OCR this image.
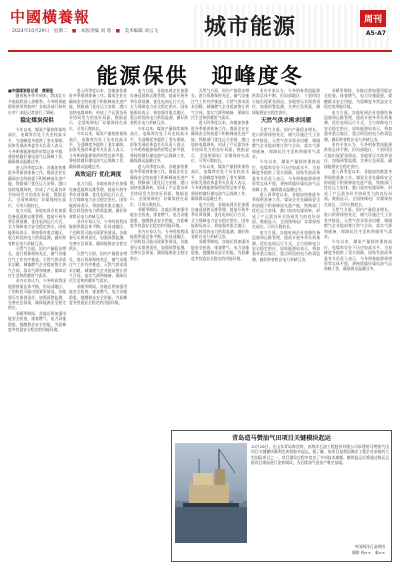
中國橫養報
2024年10月29日 星期二 ■ 本版责编 刘 寒 ■ 美术编辑 刘云飞 城市能源	周刊
A5-A7
能源保供　迎峰度冬

■中国煤炭报记者　康丽佳

随着秋冬季节到来，我国北方多地陆续进入供暖季。今冬明春能源保供形势如何？各地各部门如何应对？本报记者进行了调研。

稳定煤炭保供

今年以来，煤炭产量持续保持高位，电煤库存处于历史较高水平，为迎峰度冬提供了坚实保障。国家发展改革委有关负责人表示，今冬明春能源保供形势总体平稳，将持续做好煤电油气运保障工作，确保群众温暖过冬。

进入四季度以来，各地加快推进冬季保供准备工作。煤炭企业在确保安全的前提下积极释放先进产能，铁路部门优化运力安排，港口加快电煤周转，形成了产运需各环节协同发力的良好局面。数据显示，全国统调电厂存煤保持在高位，可用天数较长。

电力方面，各地电网企业加强设备巡视和运维管理，提前开展冬季负荷预测，优化电网运行方式，全力保障电力安全稳定供应。国家能源局表示，将加强对重点地区、重点时段的电力供需监测，做好跨省跨区电力余缺互济。

天然气方面，国内产量稳步增长，进口资源保持充足，储气设施注气工作有序推进。天然气供求需求回暖，城镇燃气企业提前签订供气合同，落实气源和储备，保障居民生活和供暖用气需求。

业内专家认为，今冬明春我国能源供需总体平衡，但局部地区、个别时段可能出现紧张情况。各地要压实保供责任，加强预警监测，完善应急预案，确保能源安全稳定供应。

采暖季期间，各地还将加强用能安全检查，排查燃气、电力设施隐患，提醒群众安全用能，为迎峰度冬营造安全稳定的用能环境。

进入四季度以来，各地加快推进冬季保供准备工作。煤炭企业在确保安全的前提下积极释放先进产能，铁路部门优化运力安排，港口加快电煤周转，形成了产运需各环节协同发力的良好局面。数据显示，全国统调电厂存煤保持在高位，可用天数较长。

今年以来，煤炭产量持续保持高位，电煤库存处于历史较高水平，为迎峰度冬提供了坚实保障。国家发展改革委有关负责人表示，今冬明春能源保供形势总体平稳，将持续做好煤电油气运保障工作，确保群众温暖过冬。

高效运行 优化调度

电力方面，各地电网企业加强设备巡视和运维管理，提前开展冬季负荷预测，优化电网运行方式，全力保障电力安全稳定供应。国家能源局表示，将加强对重点地区、重点时段的电力供需监测，做好跨省跨区电力余缺互济。

业内专家认为，今冬明春我国能源供需总体平衡，但局部地区、个别时段可能出现紧张情况。各地要压实保供责任，加强预警监测，完善应急预案，确保能源安全稳定供应。

天然气方面，国内产量稳步增长，进口资源保持充足，储气设施注气工作有序推进。天然气供求需求回暖，城镇燃气企业提前签订供气合同，落实气源和储备，保障居民生活和供暖用气需求。

采暖季期间，各地还将加强用能安全检查，排查燃气、电力设施隐患，提醒群众安全用能，为迎峰度冬营造安全稳定的用能环境。

电力方面，各地电网企业加强设备巡视和运维管理，提前开展冬季负荷预测，优化电网运行方式，全力保障电力安全稳定供应。国家能源局表示，将加强对重点地区、重点时段的电力供需监测，做好跨省跨区电力余缺互济。

今年以来，煤炭产量持续保持高位，电煤库存处于历史较高水平，为迎峰度冬提供了坚实保障。国家发展改革委有关负责人表示，今冬明春能源保供形势总体平稳，将持续做好煤电油气运保障工作，确保群众温暖过冬。

进入四季度以来，各地加快推进冬季保供准备工作。煤炭企业在确保安全的前提下积极释放先进产能，铁路部门优化运力安排，港口加快电煤周转，形成了产运需各环节协同发力的良好局面。数据显示，全国统调电厂存煤保持在高位，可用天数较长。

采暖季期间，各地还将加强用能安全检查，排查燃气、电力设施隐患，提醒群众安全用能，为迎峰度冬营造安全稳定的用能环境。

业内专家认为，今冬明春我国能源供需总体平衡，但局部地区、个别时段可能出现紧张情况。各地要压实保供责任，加强预警监测，完善应急预案，确保能源安全稳定供应。

天然气方面，国内产量稳步增长，进口资源保持充足，储气设施注气工作有序推进。天然气供求需求回暖，城镇燃气企业提前签订供气合同，落实气源和储备，保障居民生活和供暖用气需求。

进入四季度以来，各地加快推进冬季保供准备工作。煤炭企业在确保安全的前提下积极释放先进产能，铁路部门优化运力安排，港口加快电煤周转，形成了产运需各环节协同发力的良好局面。数据显示，全国统调电厂存煤保持在高位，可用天数较长。

今年以来，煤炭产量持续保持高位，电煤库存处于历史较高水平，为迎峰度冬提供了坚实保障。国家发展改革委有关负责人表示，今冬明春能源保供形势总体平稳，将持续做好煤电油气运保障工作，确保群众温暖过冬。

电力方面，各地电网企业加强设备巡视和运维管理，提前开展冬季负荷预测，优化电网运行方式，全力保障电力安全稳定供应。国家能源局表示，将加强对重点地区、重点时段的电力供需监测，做好跨省跨区电力余缺互济。

采暖季期间，各地还将加强用能安全检查，排查燃气、电力设施隐患，提醒群众安全用能，为迎峰度冬营造安全稳定的用能环境。

业内专家认为，今冬明春我国能源供需总体平衡，但局部地区、个别时段可能出现紧张情况。各地要压实保供责任，加强预警监测，完善应急预案，确保能源安全稳定供应。

天然气供求需求回暖

天然气方面，国内产量稳步增长，进口资源保持充足，储气设施注气工作有序推进。天然气供求需求回暖，城镇燃气企业提前签订供气合同，落实气源和储备，保障居民生活和供暖用气需求。

今年以来，煤炭产量持续保持高位，电煤库存处于历史较高水平，为迎峰度冬提供了坚实保障。国家发展改革委有关负责人表示，今冬明春能源保供形势总体平稳，将持续做好煤电油气运保障工作，确保群众温暖过冬。

进入四季度以来，各地加快推进冬季保供准备工作。煤炭企业在确保安全的前提下积极释放先进产能，铁路部门优化运力安排，港口加快电煤周转，形成了产运需各环节协同发力的良好局面。数据显示，全国统调电厂存煤保持在高位，可用天数较长。

电力方面，各地电网企业加强设备巡视和运维管理，提前开展冬季负荷预测，优化电网运行方式，全力保障电力安全稳定供应。国家能源局表示，将加强对重点地区、重点时段的电力供需监测，做好跨省跨区电力余缺互济。

采暖季期间，各地还将加强用能安全检查，排查燃气、电力设施隐患，提醒群众安全用能，为迎峰度冬营造安全稳定的用能环境。

电力方面，各地电网企业加强设备巡视和运维管理，提前开展冬季负荷预测，优化电网运行方式，全力保障电力安全稳定供应。国家能源局表示，将加强对重点地区、重点时段的电力供需监测，做好跨省跨区电力余缺互济。

业内专家认为，今冬明春我国能源供需总体平衡，但局部地区、个别时段可能出现紧张情况。各地要压实保供责任，加强预警监测，完善应急预案，确保能源安全稳定供应。

进入四季度以来，各地加快推进冬季保供准备工作。煤炭企业在确保安全的前提下积极释放先进产能，铁路部门优化运力安排，港口加快电煤周转，形成了产运需各环节协同发力的良好局面。数据显示，全国统调电厂存煤保持在高位，可用天数较长。

天然气方面，国内产量稳步增长，进口资源保持充足，储气设施注气工作有序推进。天然气供求需求回暖，城镇燃气企业提前签订供气合同，落实气源和储备，保障居民生活和供暖用气需求。

今年以来，煤炭产量持续保持高位，电煤库存处于历史较高水平，为迎峰度冬提供了坚实保障。国家发展改革委有关负责人表示，今冬明春能源保供形势总体平稳，将持续做好煤电油气运保障工作，确保群众温暖过冬。

青岛造马赞油气田项目关键模块起运
10月26日，在山东青岛海西湾，由海洋石油工程股份有限公司承建的马赞油气田项目关键模块顺利完成装船并起运。据了解，该项目是我国海洋工程企业承接的大型国际项目之一，项目建设过程中攻克了多项技术难题。模块起运后将通过海运运抵项目现场进行安装调试，为后续油气田投产奠定基础。
中国海洋石油供图
摄影 杨××　秦××
